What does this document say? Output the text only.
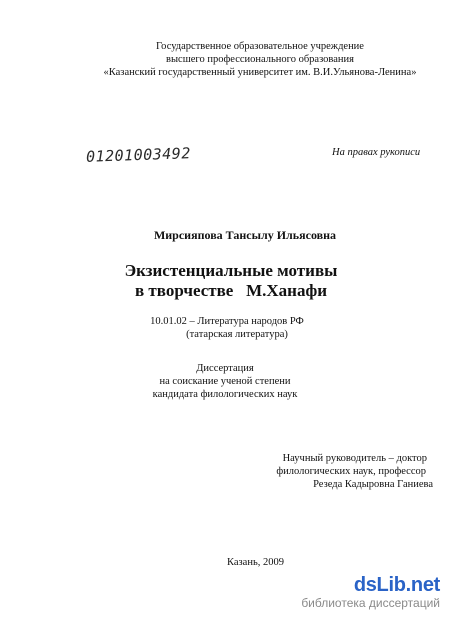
Государственное образовательное учреждение
высшего профессионального образования
«Казанский государственный университет им. В.И.Ульянова-Ленина»
01201003492	На правах рукописи
Мирсияпова Тансылу Ильясовна
Экзистенциальные мотивы
в творчестве   М.Ханафи
10.01.02 – Литература народов РФ
(татарская литература)
Диссертация
на соискание ученой степени
кандидата филологических наук
Научный руководитель – доктор
филологических наук, профессор
Резеда Кадыровна Ганиева
Казань, 2009
dsLib.net
библиотека диссертаций
